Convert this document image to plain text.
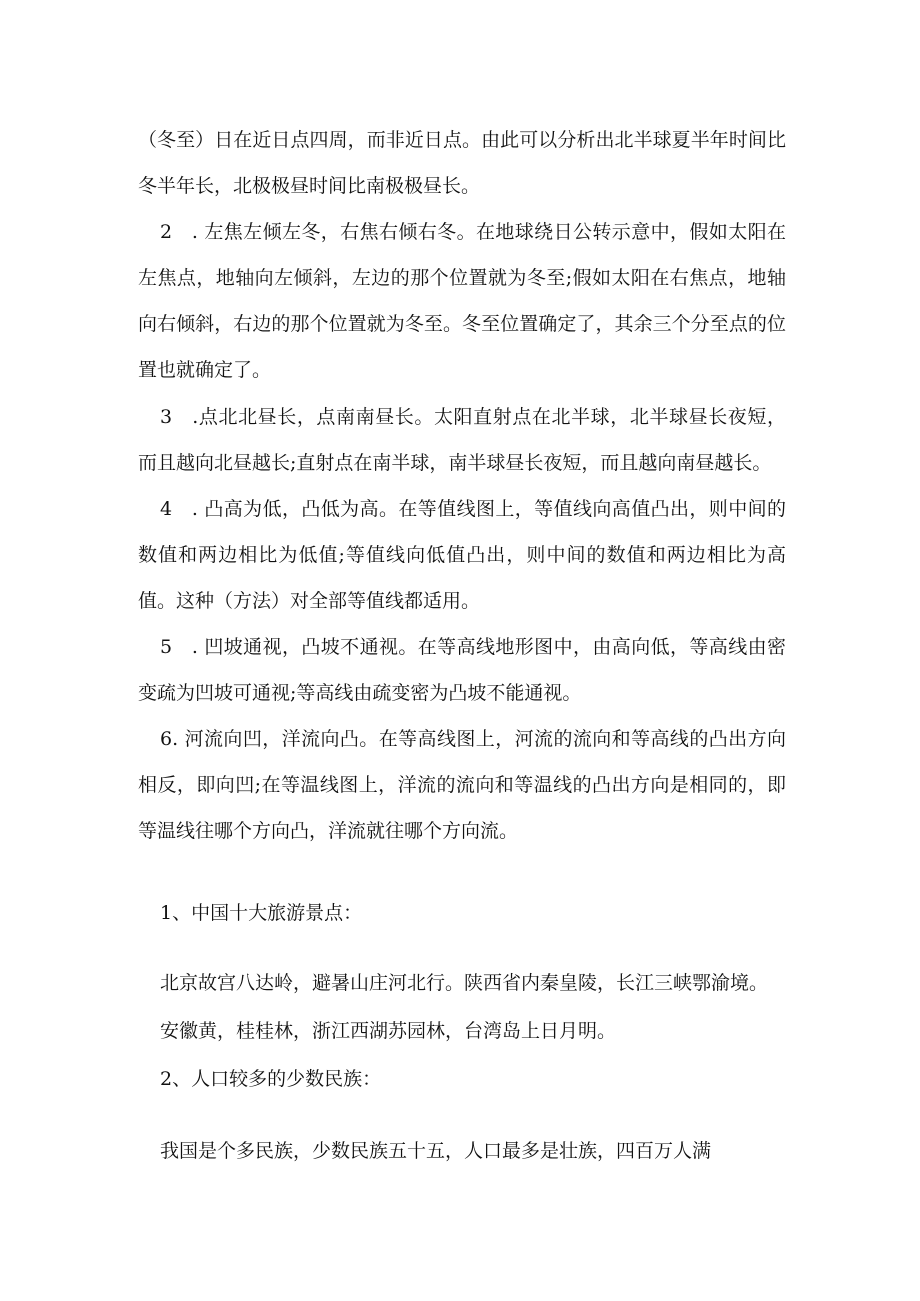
（冬至）日在近日点四周，而非近日点。由此可以分析出北半球夏半年时间比冬半年长，北极极昼时间比南极极昼长。

2　. 左焦左倾左冬，右焦右倾右冬。在地球绕日公转示意中，假如太阳在左焦点，地轴向左倾斜，左边的那个位置就为冬至;假如太阳在右焦点，地轴向右倾斜，右边的那个位置就为冬至。冬至位置确定了，其余三个分至点的位置也就确定了。

3　.点北北昼长，点南南昼长。太阳直射点在北半球，北半球昼长夜短，而且越向北昼越长;直射点在南半球，南半球昼长夜短，而且越向南昼越长。

4　. 凸高为低，凸低为高。在等值线图上，等值线向高值凸出，则中间的数值和两边相比为低值;等值线向低值凸出，则中间的数值和两边相比为高值。这种（方法）对全部等值线都适用。

5　. 凹坡通视，凸坡不通视。在等高线地形图中，由高向低，等高线由密变疏为凹坡可通视;等高线由疏变密为凸坡不能通视。

6. 河流向凹，洋流向凸。在等高线图上，河流的流向和等高线的凸出方向相反，即向凹;在等温线图上，洋流的流向和等温线的凸出方向是相同的，即等温线往哪个方向凸，洋流就往哪个方向流。

1、中国十大旅游景点：

北京故宫八达岭，避暑山庄河北行。陕西省内秦皇陵，长江三峡鄂渝境。

安徽黄，桂桂林，浙江西湖苏园林，台湾岛上日月明。

2、人口较多的少数民族：

我国是个多民族，少数民族五十五，人口最多是壮族，四百万人满
